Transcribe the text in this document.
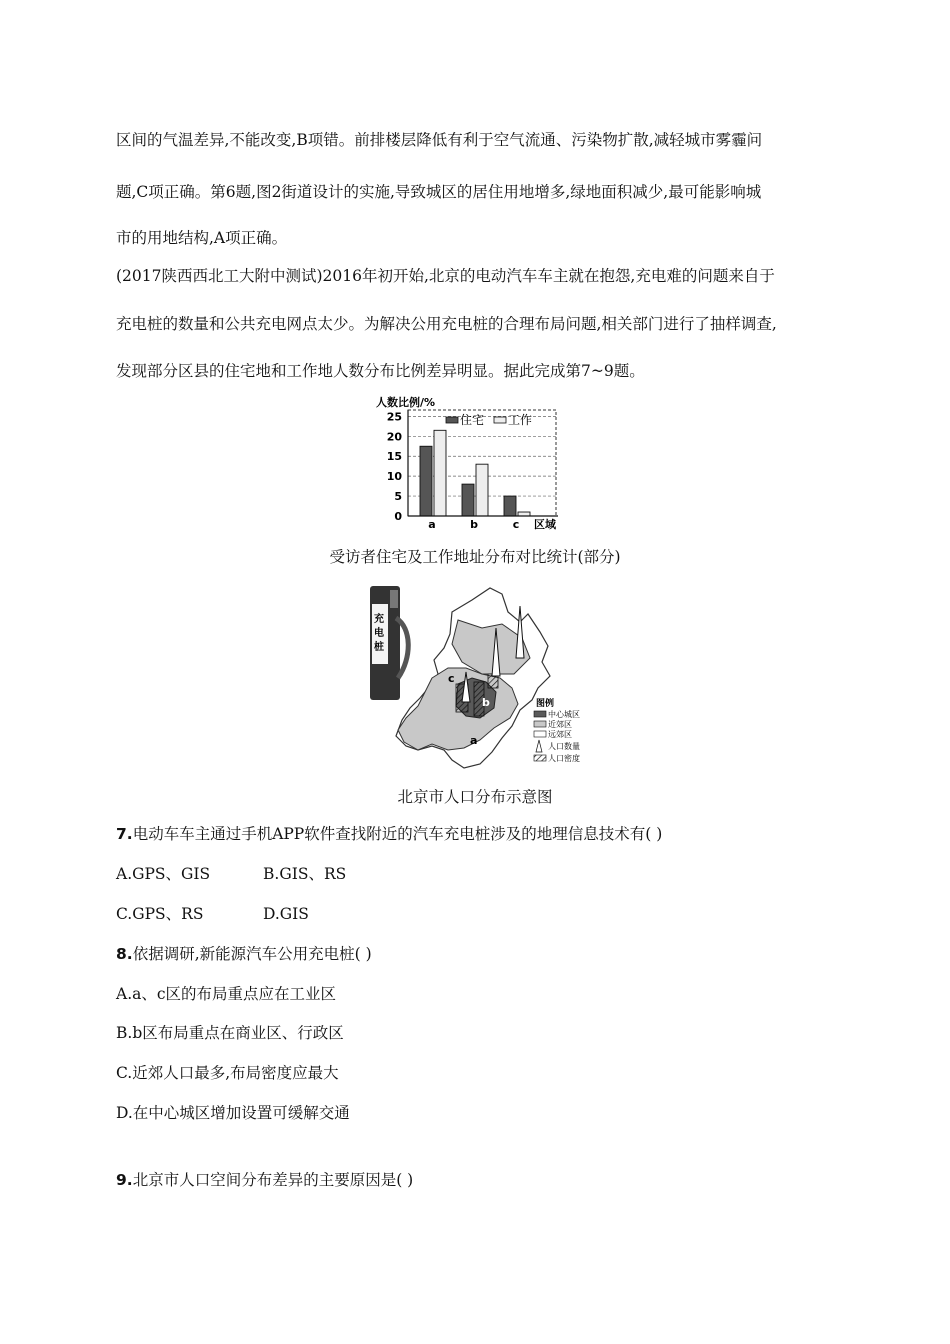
区间的气温差异,不能改变,B项错。前排楼层降低有利于空气流通、污染物扩散,减轻城市雾霾问
题,C项正确。第6题,图2街道设计的实施,导致城区的居住用地增多,绿地面积减少,最可能影响城
市的用地结构,A项正确。
(2017陕西西北工大附中测试)2016年初开始,北京的电动汽车车主就在抱怨,充电难的问题来自于
充电桩的数量和公共充电网点太少。为解决公用充电桩的合理布局问题,相关部门进行了抽样调查,
发现部分区县的住宅地和工作地人数分布比例差异明显。据此完成第7~9题。
人数比例/%
0
5
10
15
20
25
a	b	c 区域
住宅 工作
受访者住宅及工作地址分布对比统计(部分)
充
电
桩
c
b
a
图例
中心城区
近郊区
远郊区
人口数量
人口密度
北京市人口分布示意图
7.电动车车主通过手机APP软件查找附近的汽车充电桩涉及的地理信息技术有( )
A.GPS、GIS	B.GIS、RS
C.GPS、RS	D.GIS
8.依据调研,新能源汽车公用充电桩( )
A.a、c区的布局重点应在工业区
B.b区布局重点在商业区、行政区
C.近郊人口最多,布局密度应最大
D.在中心城区增加设置可缓解交通
9.北京市人口空间分布差异的主要原因是( )
